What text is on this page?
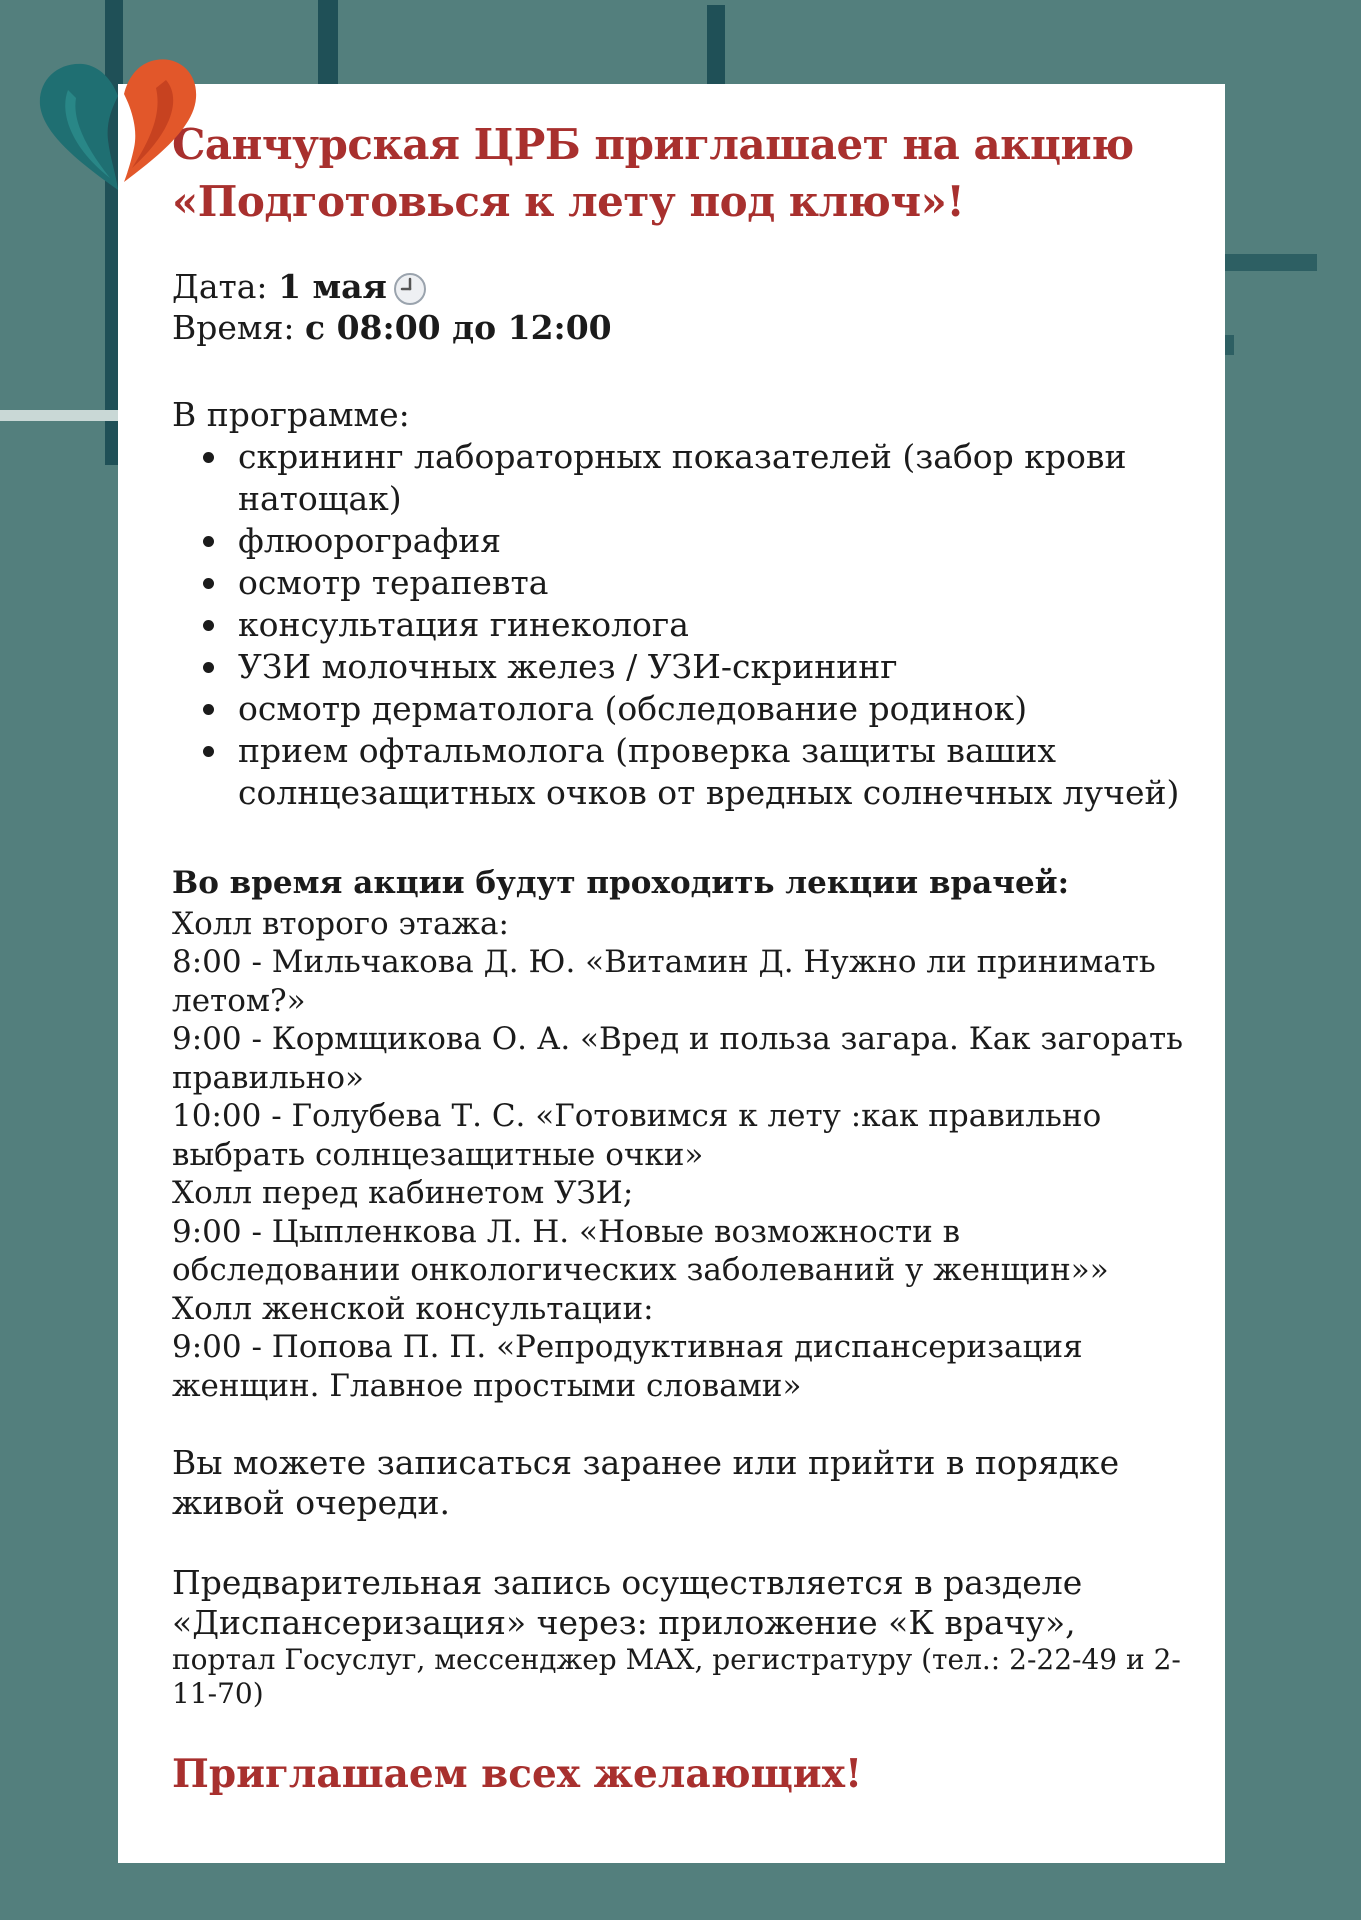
Санчурская ЦРБ приглашает на акцию
«Подготовься к лету под ключ»!
Дата: 1 мая
Время: с 08:00 до 12:00
В программе:
скрининг лабораторных показателей (забор крови натощак)
флюорография
осмотр терапевта
консультация гинеколога
УЗИ молочных желез / УЗИ-скрининг
осмотр дерматолога (обследование родинок)
прием офтальмолога (проверка защиты ваших солнцезащитных очков от вредных солнечных лучей)
Во время акции будут проходить лекции врачей:
Холл второго этажа:
8:00 - Мильчакова Д. Ю. «Витамин Д. Нужно ли принимать летом?»
9:00 - Кормщикова О. А. «Вред и польза загара. Как загорать правильно»
10:00 - Голубева Т. С. «Готовимся к лету :как правильно выбрать солнцезащитные очки»
Холл перед кабинетом УЗИ;
9:00 - Цыпленкова Л. Н. «Новые возможности в обследовании онкологических заболеваний у женщин»»
Холл женской консультации:
9:00 - Попова П. П. «Репродуктивная диспансеризация женщин. Главное простыми словами»
Вы можете записаться заранее или прийти в порядке живой очереди.
Предварительная запись осуществляется в разделе «Диспансеризация» через: приложение «К врачу»,
портал Госуслуг, мессенджер MAX, регистратуру (тел.: 2-22-49 и 2-11-70)
Приглашаем всех желающих!
